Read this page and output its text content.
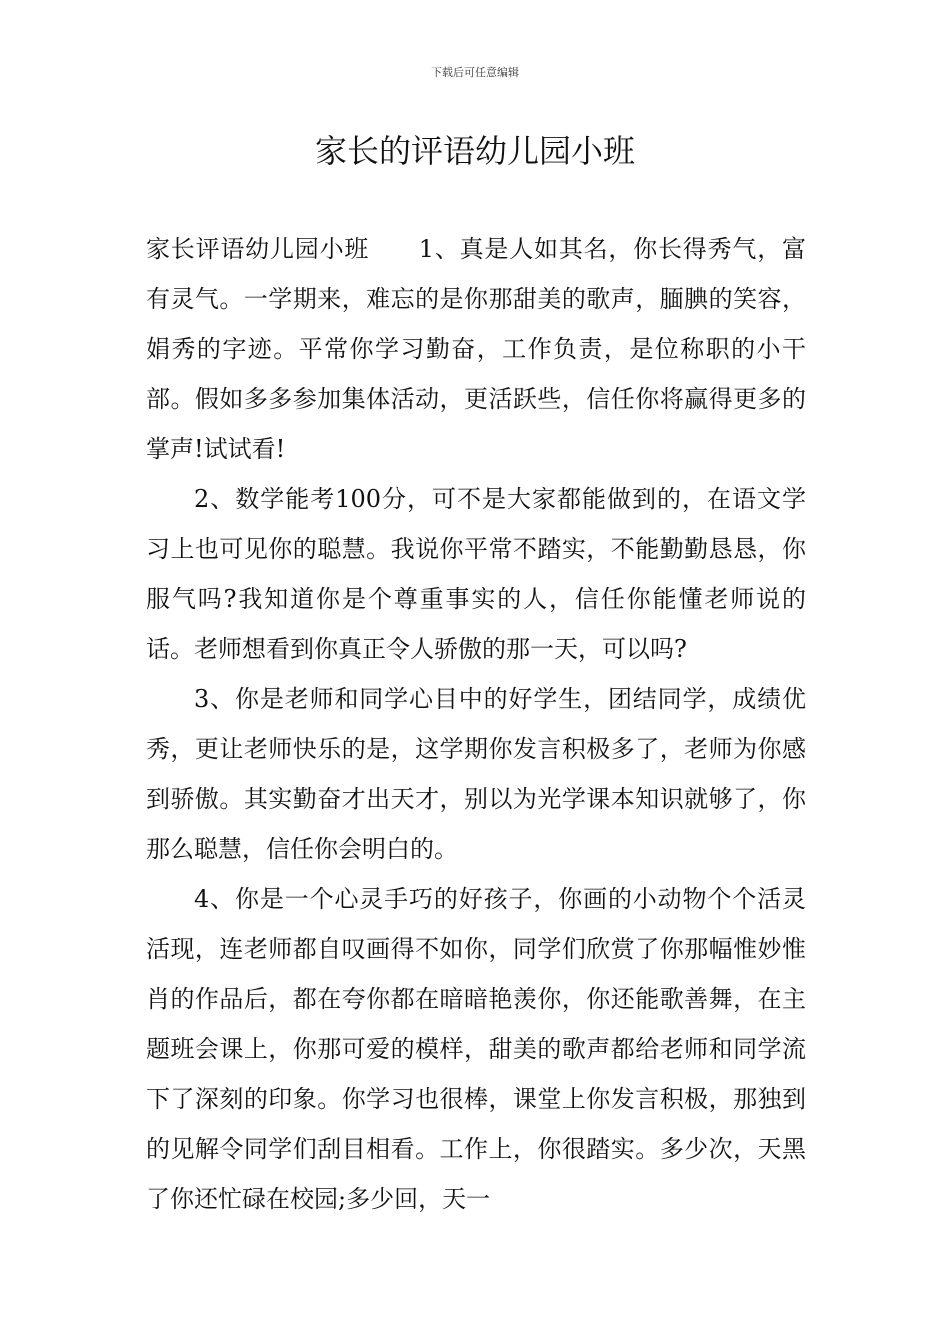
下载后可任意编辑
家长的评语幼儿园小班

家长评语幼儿园小班　　1、真是人如其名，你长得秀气，富有灵气。一学期来，难忘的是你那甜美的歌声，腼腆的笑容，娟秀的字迹。平常你学习勤奋，工作负责，是位称职的小干部。假如多多参加集体活动，更活跃些，信任你将赢得更多的掌声!试试看!

2、数学能考100分，可不是大家都能做到的，在语文学习上也可见你的聪慧。我说你平常不踏实，不能勤勤恳恳，你服气吗?我知道你是个尊重事实的人，信任你能懂老师说的话。老师想看到你真正令人骄傲的那一天，可以吗?

3、你是老师和同学心目中的好学生，团结同学，成绩优秀，更让老师快乐的是，这学期你发言积极多了，老师为你感到骄傲。其实勤奋才出天才，别以为光学课本知识就够了，你那么聪慧，信任你会明白的。

4、你是一个心灵手巧的好孩子，你画的小动物个个活灵活现，连老师都自叹画得不如你，同学们欣赏了你那幅惟妙惟肖的作品后，都在夸你都在暗暗艳羡你，你还能歌善舞，在主题班会课上，你那可爱的模样，甜美的歌声都给老师和同学流下了深刻的印象。你学习也很棒，课堂上你发言积极，那独到的见解令同学们刮目相看。工作上，你很踏实。多少次，天黑了你还忙碌在校园;多少回，天一
